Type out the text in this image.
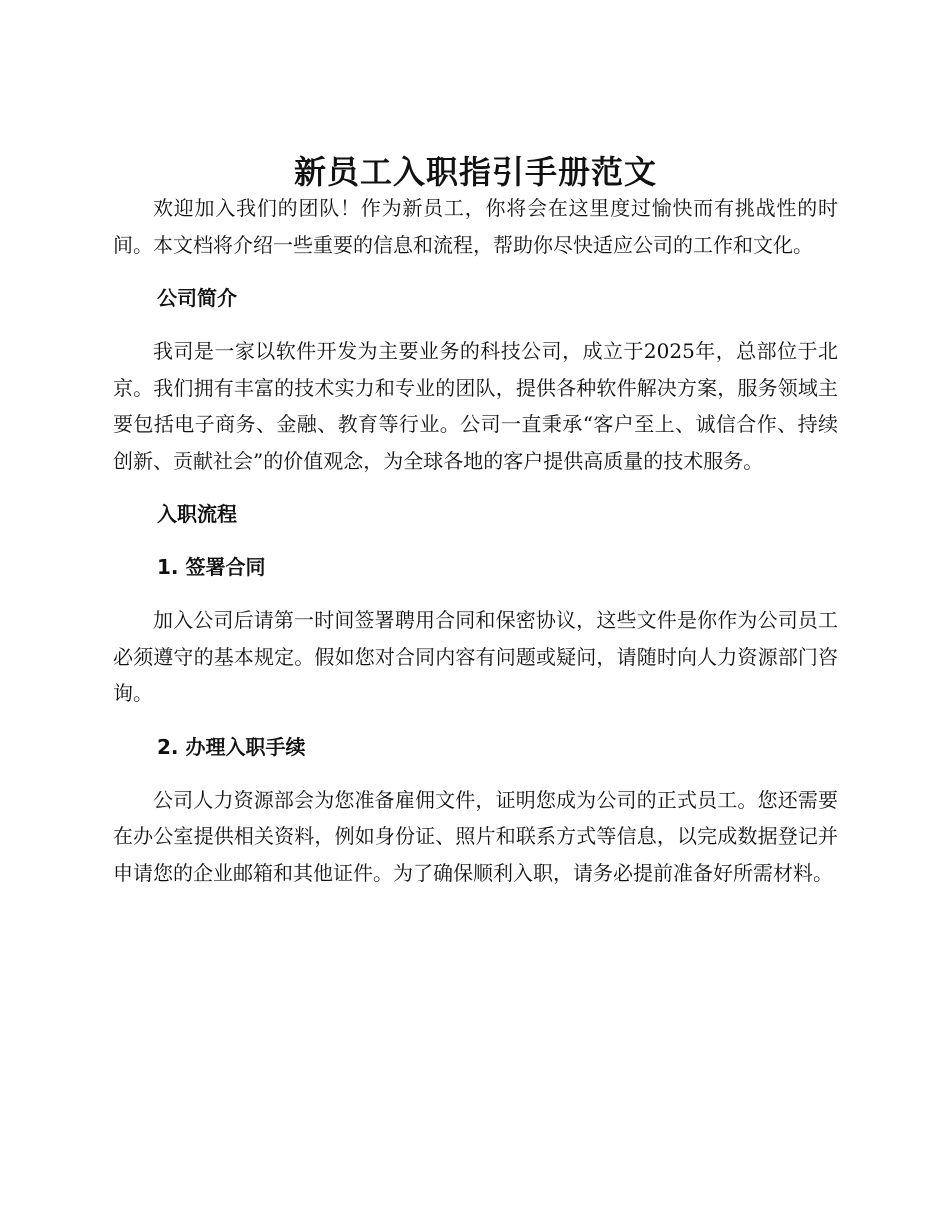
新员工入职指引手册范文

欢迎加入我们的团队！作为新员工，你将会在这里度过愉快而有挑战性的时间。本文档将介绍一些重要的信息和流程，帮助你尽快适应公司的工作和文化。

公司简介

我司是一家以软件开发为主要业务的科技公司，成立于2025年，总部位于北京。我们拥有丰富的技术实力和专业的团队，提供各种软件解决方案，服务领域主要包括电子商务、金融、教育等行业。公司一直秉承“客户至上、诚信合作、持续创新、贡献社会”的价值观念，为全球各地的客户提供高质量的技术服务。

入职流程
1. 签署合同

加入公司后请第一时间签署聘用合同和保密协议，这些文件是你作为公司员工必须遵守的基本规定。假如您对合同内容有问题或疑问，请随时向人力资源部门咨询。

2. 办理入职手续

公司人力资源部会为您准备雇佣文件，证明您成为公司的正式员工。您还需要在办公室提供相关资料，例如身份证、照片和联系方式等信息，以完成数据登记并申请您的企业邮箱和其他证件。为了确保顺利入职，请务必提前准备好所需材料。
